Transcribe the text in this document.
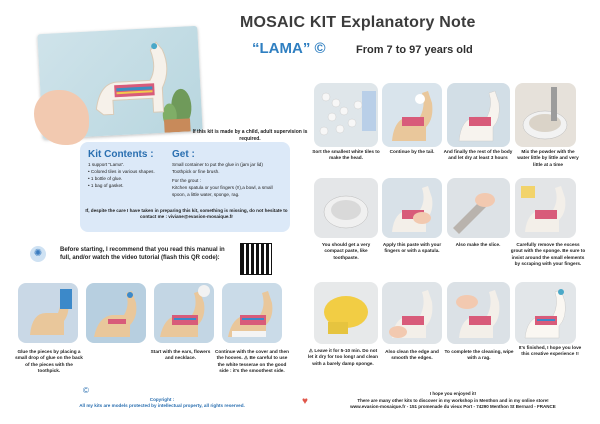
MOSAIC KIT Explanatory Note
“LAMA” ©	From 7 to 97 years old
If this kit is made by a child, adult supervision is required.
Kit Contents :
1 support "Lama".
• Colored tiles in various shapes.
• 1 bottle of glue.
• 1 bag of gasket.
Get :
Small container to put the glue in (jam jar lid)
Toothpick or fine brush.
For the grout :
Kitchen spatula or your fingers (!!),a bowl, a small spoon, a little water, sponge, rag.
If, despite the care I have taken in preparing this kit, something is missing, do not hesitate to contact me : viviane@evasion-mosaique.fr
✺	Before starting, I recommend that you read this manual in full, and/or watch the video tutorial (flash this QR code):
Glue the pieces by placing a small drop of glue on the back of the pieces with the toothpick.
Start with the ears, flowers and necklace.
Continue with the cover and then the hooves. ⚠ Be careful to use the white tesserae on the good side : it's the smoothest side.
Sort the smallest white tiles to make the head.
Continue by the tail.	And finally the rest of the body and let dry at least 3 hours
Mix the powder with the water little by little and very little at a time
You should get a very compact paste, like toothpaste.
Apply this paste with your fingers or with a spatula.
Also make the slice.	Carefully remove the excess grout with the sponge. Be sure to insist around the small elements by scraping with your fingers.
⚠ Leave it for 5-10 min. Do not let it dry for too long! and clean with a barely damp sponge.
Also clean the edge and smooth the edges.
To complete the cleaning, wipe with a rag.
It's finished, I hope you love this creative experience !!
©
Copyright :
All my kits are models protected by intellectual property, all rights reserved.	♥
I hope you enjoyed it!
There are many other kits to discover in my workshop in Menthon and in my online store!
www.evasion-mosaique.fr - 151 promenade du vieux Port - 74290 Menthon St Bernard - FRANCE
